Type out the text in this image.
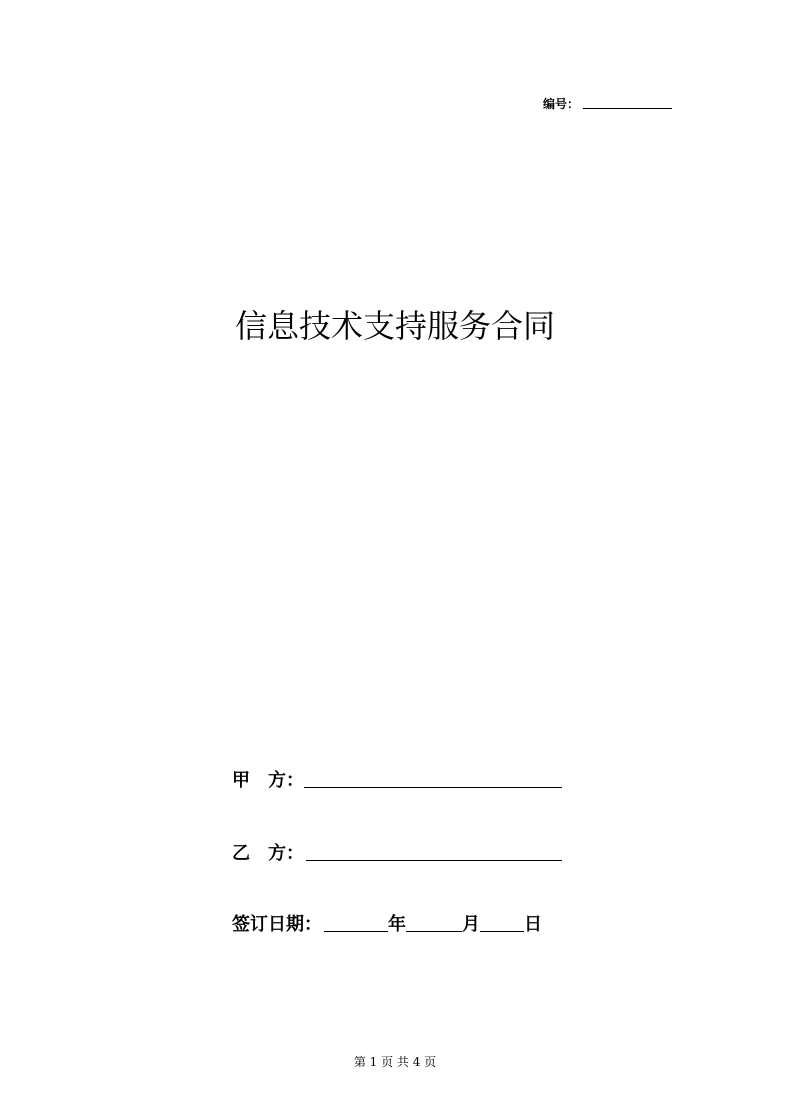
编号：
信息技术支持服务合同
甲 方：
乙 方：
签订日期：	年	月 日
第 1 页 共 4 页
